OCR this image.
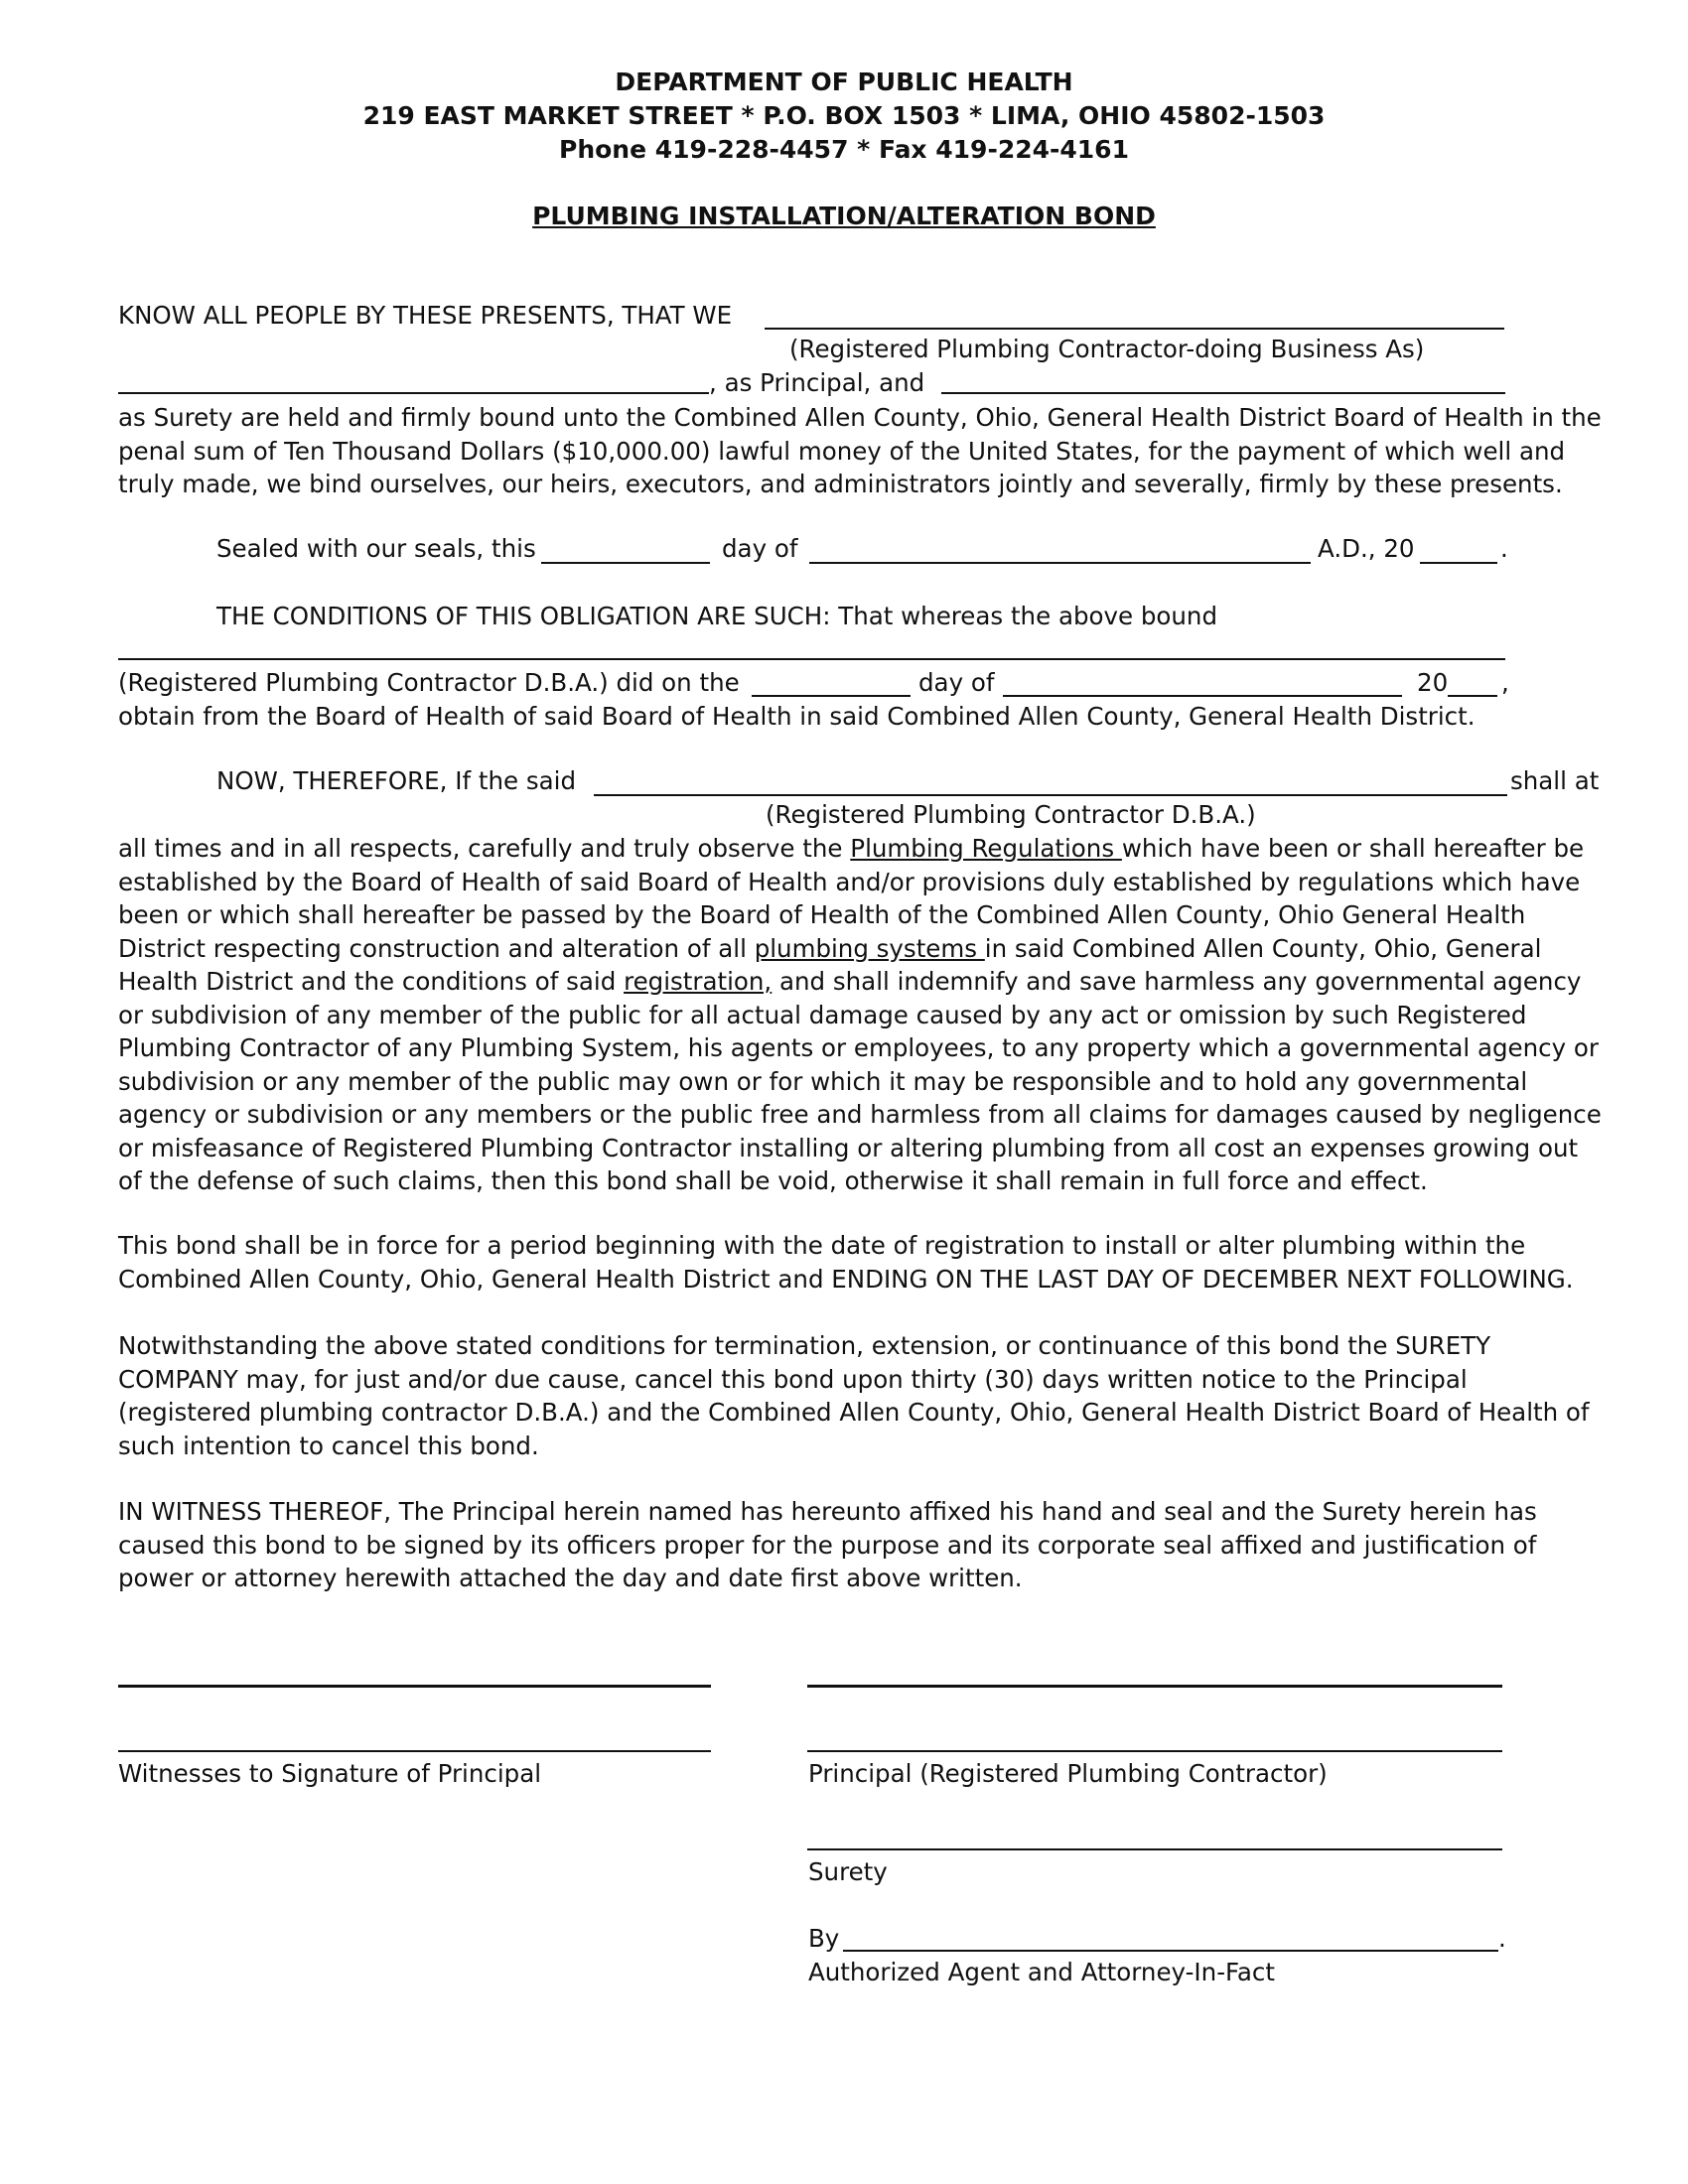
DEPARTMENT OF PUBLIC HEALTH
219 EAST MARKET STREET * P.O. BOX 1503 * LIMA, OHIO 45802-1503
Phone 419-228-4457 * Fax 419-224-4161
PLUMBING INSTALLATION/ALTERATION BOND
KNOW ALL PEOPLE BY THESE PRESENTS, THAT WE
(Registered Plumbing Contractor-doing Business As)
, as Principal, and
as Surety are held and firmly bound unto the Combined Allen County, Ohio, General Health District Board of Health in the penal sum of Ten Thousand Dollars ($10,000.00) lawful money of the United States, for the payment of which well and truly made, we bind ourselves, our heirs, executors, and administrators jointly and severally, firmly by these presents.
Sealed with our seals, this	day of	A.D., 20	.
THE CONDITIONS OF THIS OBLIGATION ARE SUCH: That whereas the above bound
(Registered Plumbing Contractor D.B.A.) did on the	day of	20 ,
obtain from the Board of Health of said Board of Health in said Combined Allen County, General Health District.
NOW, THEREFORE, If the said	shall at
(Registered Plumbing Contractor D.B.A.)
all times and in all respects, carefully and truly observe the Plumbing Regulations which have been or shall hereafter be established by the Board of Health of said Board of Health and/or provisions duly established by regulations which have been or which shall hereafter be passed by the Board of Health of the Combined Allen County, Ohio General Health District respecting construction and alteration of all plumbing systems in said Combined Allen County, Ohio, General Health District and the conditions of said registration, and shall indemnify and save harmless any governmental agency or subdivision of any member of the public for all actual damage caused by any act or omission by such Registered Plumbing Contractor of any Plumbing System, his agents or employees, to any property which a governmental agency or subdivision or any member of the public may own or for which it may be responsible and to hold any governmental agency or subdivision or any members or the public free and harmless from all claims for damages caused by negligence or misfeasance of Registered Plumbing Contractor installing or altering plumbing from all cost an expenses growing out of the defense of such claims, then this bond shall be void, otherwise it shall remain in full force and effect.
This bond shall be in force for a period beginning with the date of registration to install or alter plumbing within the Combined Allen County, Ohio, General Health District and ENDING ON THE LAST DAY OF DECEMBER NEXT FOLLOWING.
Notwithstanding the above stated conditions for termination, extension, or continuance of this bond the SURETY COMPANY may, for just and/or due cause, cancel this bond upon thirty (30) days written notice to the Principal (registered plumbing contractor D.B.A.) and the Combined Allen County, Ohio, General Health District Board of Health of such intention to cancel this bond.
IN WITNESS THEREOF, The Principal herein named has hereunto affixed his hand and seal and the Surety herein has caused this bond to be signed by its officers proper for the purpose and its corporate seal affixed and justification of power or attorney herewith attached the day and date first above written.
Witnesses to Signature of Principal	Principal (Registered Plumbing Contractor)
Surety
By	.
Authorized Agent and Attorney-In-Fact
